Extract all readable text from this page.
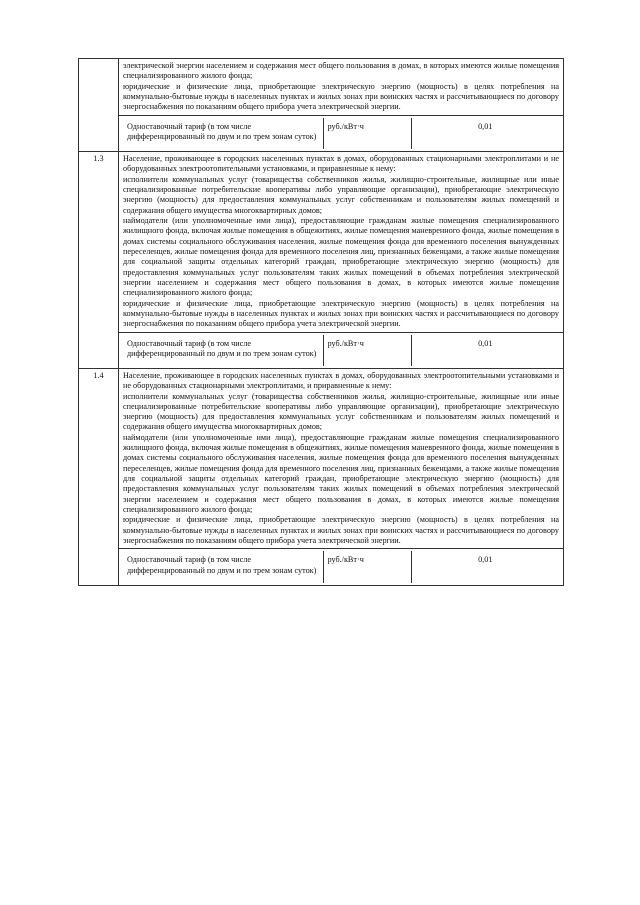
электрической энергии населением и содержания мест общего пользования в домах, в которых имеются жилые помещения специализированного жилого фонда;

юридические и физические лица, приобретающие электрическую энергию (мощность) в целях потребления на коммунально-бытовые нужды в населенных пунктах и жилых зонах при воинских частях и рассчитывающиеся по договору энергоснабжения по показаниям общего прибора учета электрической энергии.

Одноставочный тариф (в том числе дифференцированный по двум и по трем зонам суток)	руб./кВт·ч	0,01

1.3	Население, проживающее в городских населенных пунктах в домах, оборудованных стационарными электроплитами и не оборудованных электроотопительными установками, и приравненные к нему:

исполнители коммунальных услуг (товарищества собственников жилья, жилищно-строительные, жилищные или иные специализированные потребительские кооперативы либо управляющие организации), приобретающие электрическую энергию (мощность) для предоставления коммунальных услуг собственникам и пользователям жилых помещений и содержания общего имущества многоквартирных домов;

наймодатели (или уполномоченные ими лица), предоставляющие гражданам жилые помещения специализированного жилищного фонда, включая жилые помещения в общежитиях, жилые помещения маневренного фонда, жилые помещения в домах системы социального обслуживания населения, жилые помещения фонда для временного поселения вынужденных переселенцев, жилые помещения фонда для временного поселения лиц, признанных беженцами, а также жилые помещения для социальной защиты отдельных категорий граждан, приобретающие электрическую энергию (мощность) для предоставления коммунальных услуг пользователям таких жилых помещений в объемах потребления электрической энергии населением и содержания мест общего пользования в домах, в которых имеются жилые помещения специализированного жилого фонда;

юридические и физические лица, приобретающие электрическую энергию (мощность) в целях потребления на коммунально-бытовые нужды в населенных пунктах и жилых зонах при воинских частях и рассчитывающиеся по договору энергоснабжения по показаниям общего прибора учета электрической энергии.

Одноставочный тариф (в том числе дифференцированный по двум и по трем зонам суток)	руб./кВт·ч	0,01

1.4	Население, проживающее в городских населенных пунктах в домах, оборудованных электроотопительными установками и не оборудованных стационарными электроплитами, и приравненные к нему:

исполнители коммунальных услуг (товарищества собственников жилья, жилищно-строительные, жилищные или иные специализированные потребительские кооперативы либо управляющие организации), приобретающие электрическую энергию (мощность) для предоставления коммунальных услуг собственникам и пользователям жилых помещений и содержания общего имущества многоквартирных домов;

наймодатели (или уполномоченные ими лица), предоставляющие гражданам жилые помещения специализированного жилищного фонда, включая жилые помещения в общежитиях, жилые помещения маневренного фонда, жилые помещения в домах системы социального обслуживания населения, жилые помещения фонда для временного поселения вынужденных переселенцев, жилые помещения фонда для временного поселения лиц, признанных беженцами, а также жилые помещения для социальной защиты отдельных категорий граждан, приобретающие электрическую энергию (мощность) для предоставления коммунальных услуг пользователям таких жилых помещений в объемах потребления электрической энергии населением и содержания мест общего пользования в домах, в которых имеются жилые помещения специализированного жилого фонда;

юридические и физические лица, приобретающие электрическую энергию (мощность) в целях потребления на коммунально-бытовые нужды в населенных пунктах и жилых зонах при воинских частях и рассчитывающиеся по договору энергоснабжения по показаниям общего прибора учета электрической энергии.

Одноставочный тариф (в том числе дифференцированный по двум и по трем зонам суток)	руб./кВт·ч	0,01
